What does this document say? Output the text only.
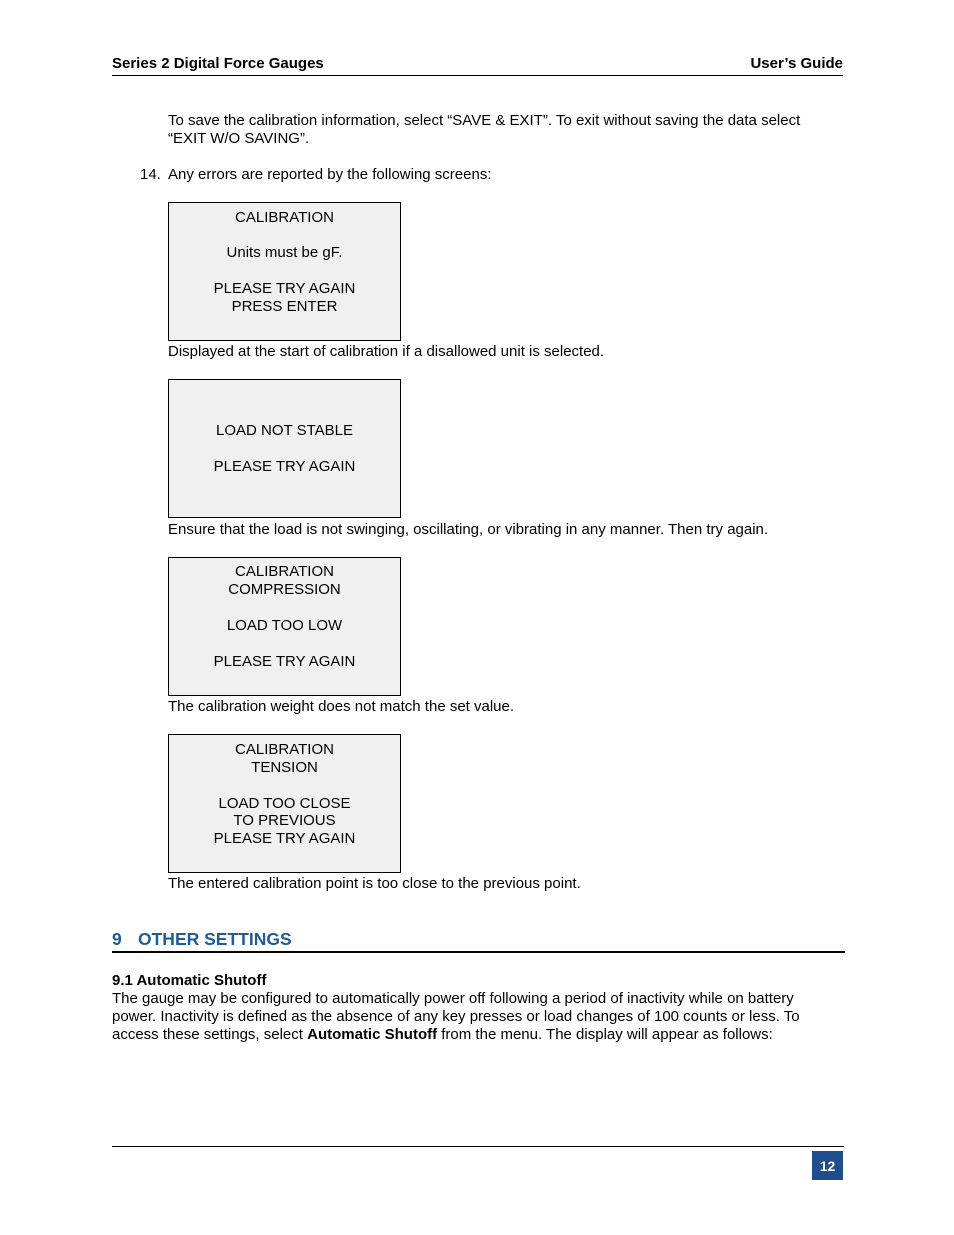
Series 2 Digital Force Gauges	User’s Guide
To save the calibration information, select “SAVE & EXIT”. To exit without saving the data select
“EXIT W/O SAVING”.
14. Any errors are reported by the following screens:
CALIBRATION
Units must be gF.
PLEASE TRY AGAIN
PRESS ENTER
Displayed at the start of calibration if a disallowed unit is selected.
LOAD NOT STABLE
PLEASE TRY AGAIN
Ensure that the load is not swinging, oscillating, or vibrating in any manner. Then try again.
CALIBRATION
COMPRESSION
LOAD TOO LOW
PLEASE TRY AGAIN
The calibration weight does not match the set value.
CALIBRATION
TENSION
LOAD TOO CLOSE
TO PREVIOUS
PLEASE TRY AGAIN
The entered calibration point is too close to the previous point.
9 OTHER SETTINGS
9.1 Automatic Shutoff
The gauge may be configured to automatically power off following a period of inactivity while on battery
power. Inactivity is defined as the absence of any key presses or load changes of 100 counts or less. To
access these settings, select Automatic Shutoff from the menu. The display will appear as follows:
12
